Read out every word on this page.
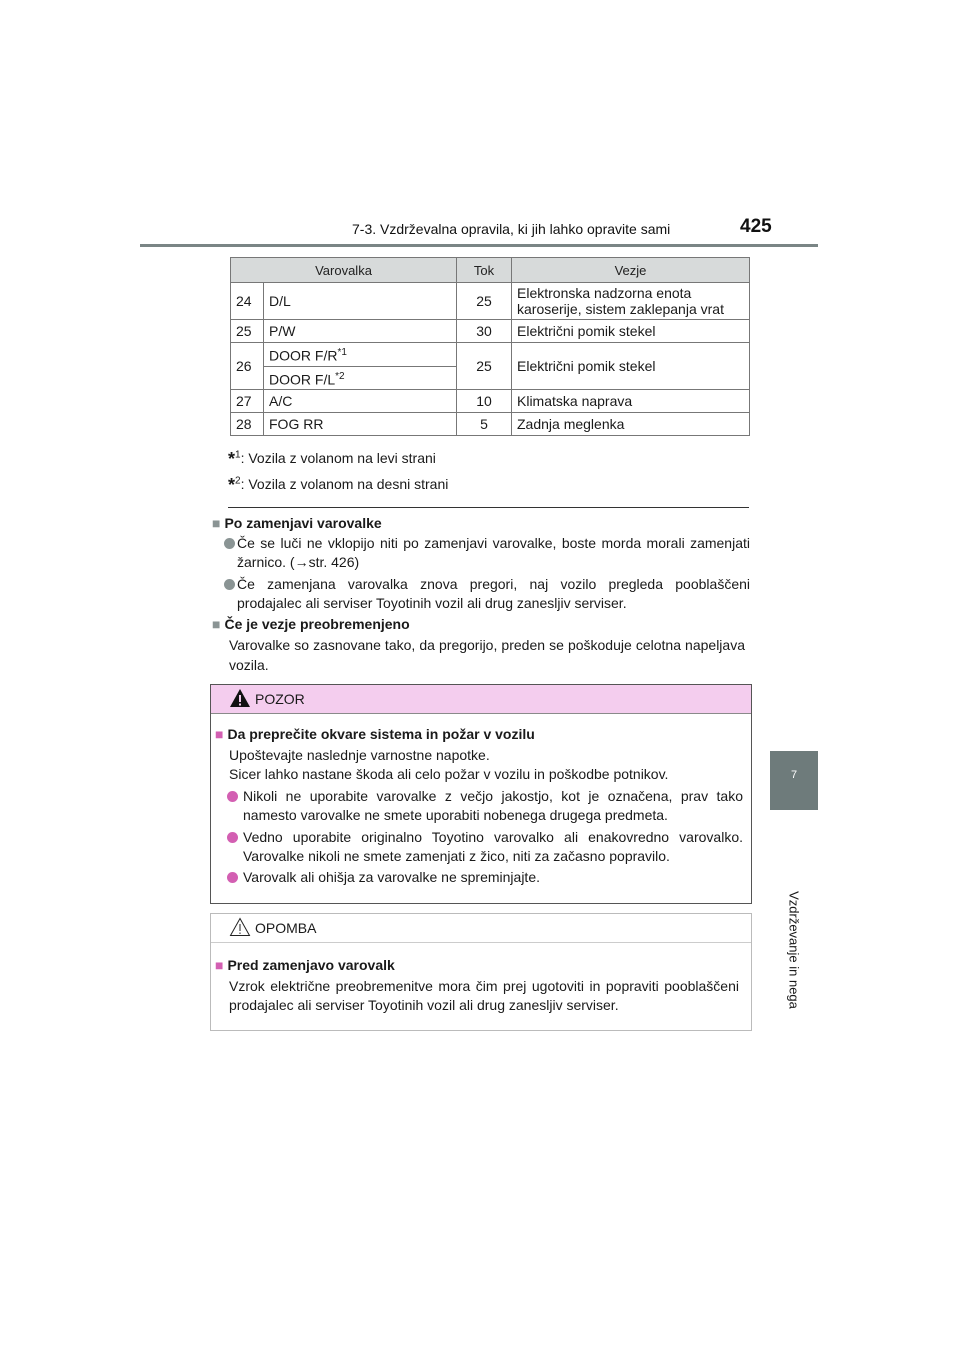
7-3. Vzdrževalna opravila, ki jih lahko opravite sami	425
7
Vzdrževanje in nega
Varovalka		Tok	Vezje
24	D/L	25	Elektronska nadzorna enota karoserije, sistem zaklepanja vrat
25	P/W	30	Električni pomik stekel
26	DOOR $F/R^{*1}$	25	Električni pomik stekel
	DOOR $F/L^{*2}$
27	A/C	10	Klimatska naprava
28	FOG RR	5	Zadnja meglenka
*$^1$: Vozila z volanom na levi strani
*$^2$: Vozila z volanom na desni strani
■ Po zamenjavi varovalke
Če se luči ne vklopijo niti po zamenjavi varovalke, boste morda morali zamenjati žarnico. (→str. 426)
Če zamenjana varovalka znova pregori, naj vozilo pregleda pooblaščeni prodajalec ali serviser Toyotinih vozil ali drug zanesljiv serviser.
■ Če je vezje preobremenjeno
Varovalke so zasnovane tako, da pregorijo, preden se poškoduje celotna napeljava vozila.
POZOR
■ Da preprečite okvare sistema in požar v vozilu
Upoštevajte naslednje varnostne napotke.
Sicer lahko nastane škoda ali celo požar v vozilu in poškodbe potnikov.
Nikoli ne uporabite varovalke z večjo jakostjo, kot je označena, prav tako namesto varovalke ne smete uporabiti nobenega drugega predmeta.
Vedno uporabite originalno Toyotino varovalko ali enakovredno varovalko. Varovalke nikoli ne smete zamenjati z žico, niti za začasno popravilo.
Varovalk ali ohišja za varovalke ne spreminjajte.
OPOMBA
■ Pred zamenjavo varovalk
Vzrok električne preobremenitve mora čim prej ugotoviti in popraviti pooblaščeni prodajalec ali serviser Toyotinih vozil ali drug zanesljiv serviser.
